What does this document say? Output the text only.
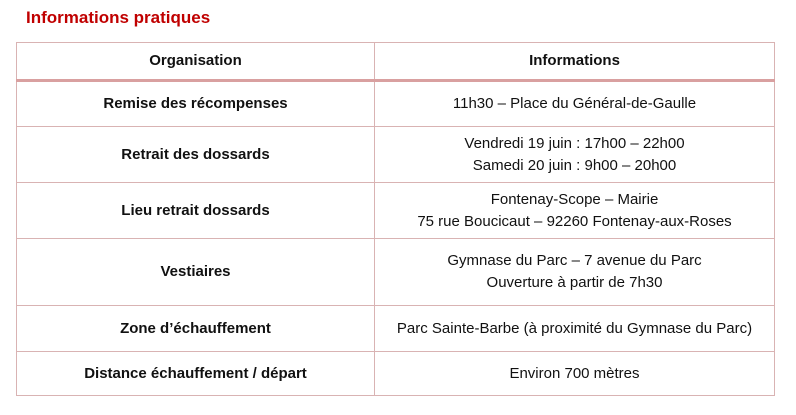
Informations pratiques
Organisation	Informations
Remise des récompenses	11h30 – Place du Général-de-Gaulle

Retrait des dossards	Vendredi 19 juin : 17h00 – 22h00
Samedi 20 juin : 9h00 – 20h00

Lieu retrait dossards	Fontenay-Scope – Mairie
75 rue Boucicaut – 92260 Fontenay-aux-Roses

Vestiaires	Gymnase du Parc – 7 avenue du Parc
Ouverture à partir de 7h30

Zone d’échauffement	Parc Sainte-Barbe (à proximité du Gymnase du Parc)

Distance échauffement / départ	Environ 700 mètres
